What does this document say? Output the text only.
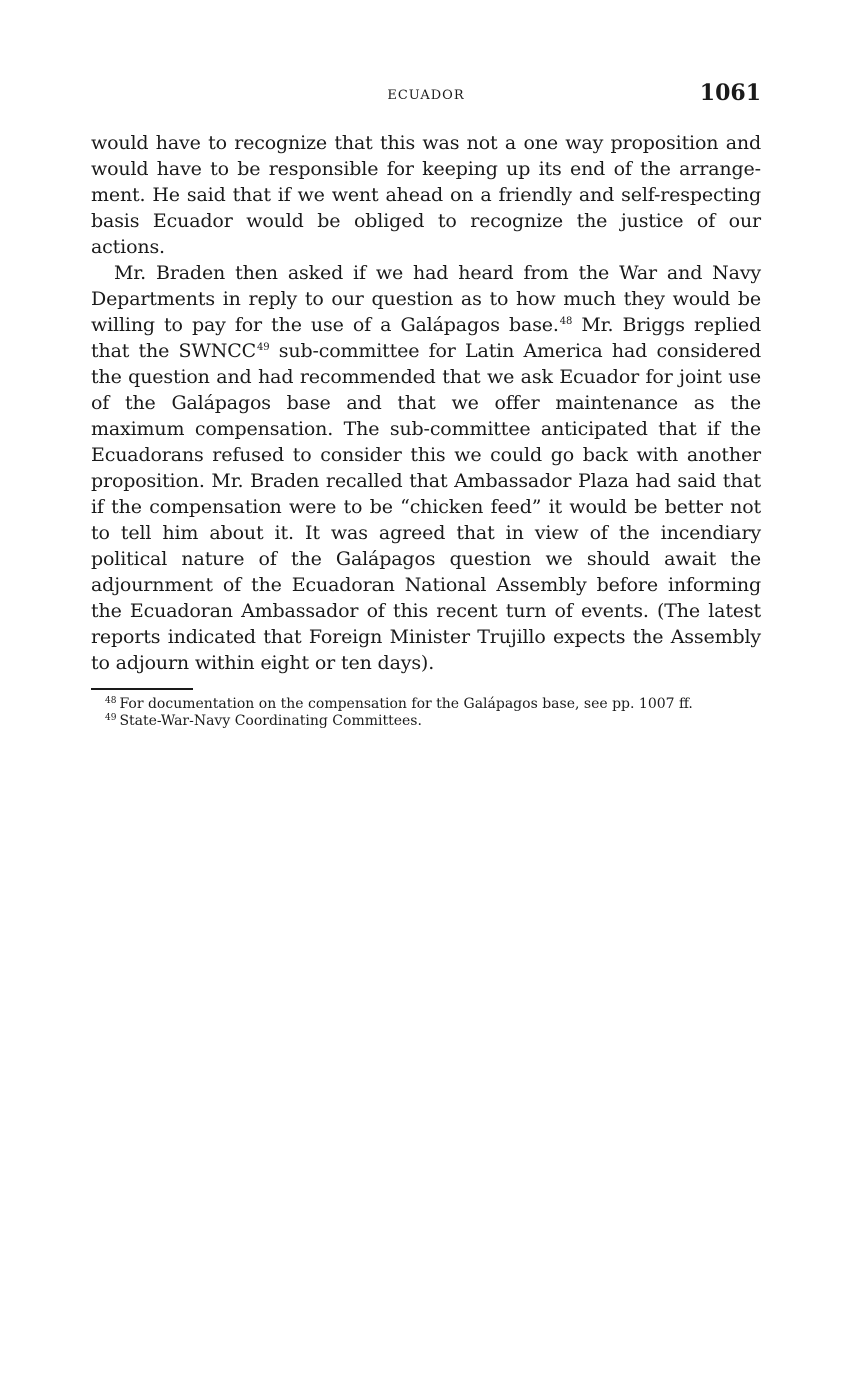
ECUADOR	1061

would have to recognize that this was not a one way proposition and would have to be responsible for keeping up its end of the arrangement. He said that if we went ahead on a friendly and self-respecting basis Ecuador would be obliged to recognize the justice of our actions.

Mr. Braden then asked if we had heard from the War and Navy Departments in reply to our question as to how much they would be willing to pay for the use of a Galápagos base.$^{48}$ Mr. Briggs replied that the SWNCC$^{49}$ sub-committee for Latin America had considered the question and had recommended that we ask Ecuador for joint use of the Galápagos base and that we offer maintenance as the maximum compensation. The sub-committee anticipated that if the Ecuadorans refused to consider this we could go back with another proposition. Mr. Braden recalled that Ambassador Plaza had said that if the compensation were to be “chicken feed” it would be better not to tell him about it. It was agreed that in view of the incendiary political nature of the Galápagos question we should await the adjournment of the Ecuadoran National Assembly before informing the Ecuadoran Ambassador of this recent turn of events. (The latest reports indicated that Foreign Minister Trujillo expects the Assembly to adjourn within eight or ten days).

$^{48}$ For documentation on the compensation for the Galápagos base, see pp. 1007 ff.
$^{49}$ State-War-Navy Coordinating Committees.
